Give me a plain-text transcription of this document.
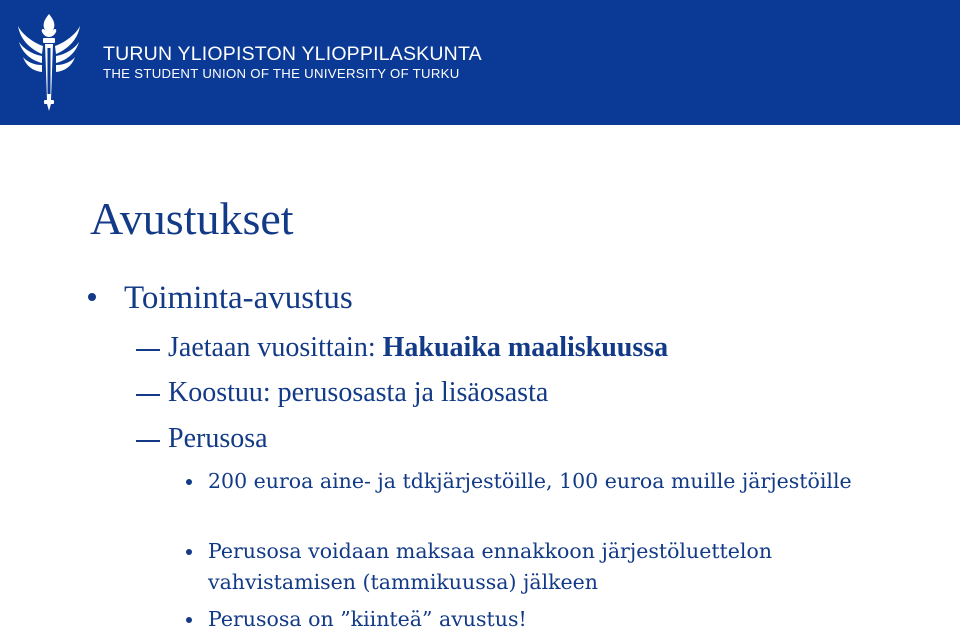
TURUN YLIOPISTON YLIOPPILASKUNTA
THE STUDENT UNION OF THE UNIVERSITY OF TURKU
Avustukset
Toiminta-avustus
Jaetaan vuosittain: Hakuaika maaliskuussa
Koostuu: perusosasta ja lisäosasta
Perusosa
200 euroa aine- ja tdkjärjestöille, 100 euroa muille järjestöille
Perusosa voidaan maksaa ennakkoon järjestöluettelon vahvistamisen (tammikuussa) jälkeen
Perusosa on ”kiinteä” avustus!
